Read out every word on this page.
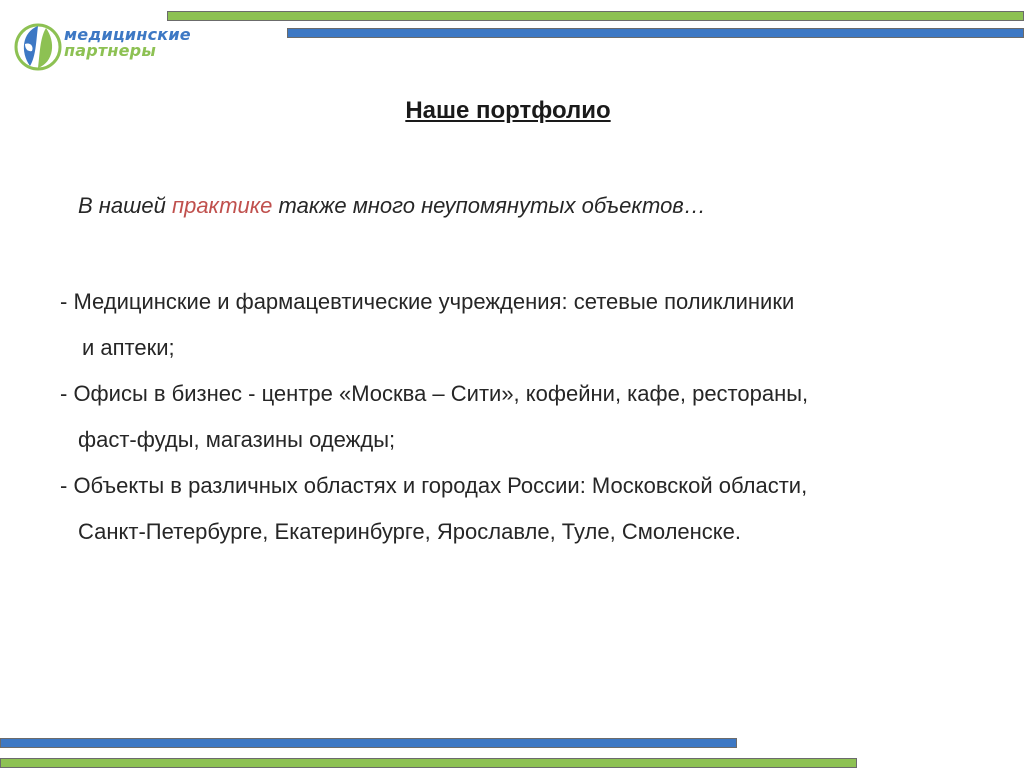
медицинские
партнеры
Наше портфолио
В нашей практике также много неупомянутых объектов…
- Медицинские и фармацевтические учреждения: сетевые поликлиники
и аптеки;
- Офисы в бизнес - центре «Москва – Сити», кофейни, кафе, рестораны,
фаст-фуды, магазины одежды;
- Объекты в различных областях и городах России: Московской области,
Санкт-Петербурге, Екатеринбурге, Ярославле, Туле, Смоленске.
